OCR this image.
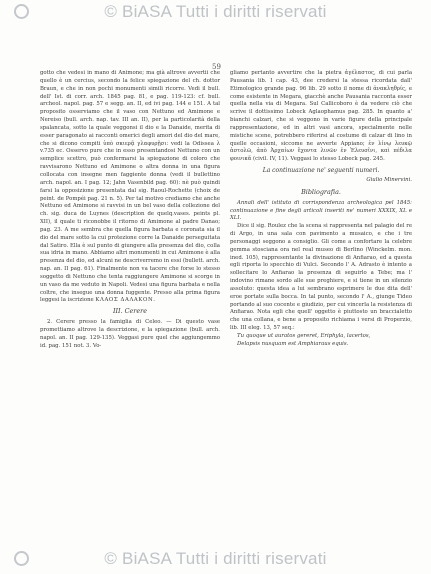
© BiASA Tutti i diritti riservati
59

gotto che vedesi in mano di Animone; ma già altrove avvertii che quello è un cercius, secondo la felice spiegazione del ch. dottor Braun, e che in non pochi monumenti simili ricorre. Vedi il bull. dell' Ist. di corr. arch. 1845 pag. 81, e pag. 119-123: cf. bull. archeol. napol. pag. 57 e segg. an. II, ed ivi pag. 144 e 151. A tal proposito osserviamo che il vaso con Nettuno ed Amimone e Nereiso (bull. arch. nap. tav. III an. II), per la particolarità della spalancata, sotto la quale veggonsi il dio e la Danaide, merita di esser paragonato ai racconti omerici degli amori del dio del mare, che si dicono compiti ὑπὸ σκιερᾷ γλαφυρῇσι: vedi la Odissea λ v.735 ec. Osservo pure che in esso presentandosi Nettuno con un semplice scettro, può confermarsi la spiegazione di coloro che ravvisarono Nettuno ed Amimone o altra donna in una figura collocata con insegne men faggiente donna (vedi il bullettino arch. napol. an. I pag. 12; Jahn Vasenbild pag. 60): nè può quindi farsi la opposizione presentata dal sig. Raoul-Rochette (choix de peint. de Pompéi pag. 21 n. 5). Per tal motivo crediamo che anche Nettuno ed Amimone si ravvisi in un bel vaso della collezione del ch. sig. duca de Luynes (description de quelq.vases. peints pl. XII), il quale ti riconobbe il ritorno di Amimone al padre Danao; pag. 23. A me sembra che quella figura barbata e coronata sia il dio del mare sotto la cui protezione corre la Danaide perseguitata dal Satiro. Ella è sul punto di giungere alla presenza del dio, colla sua idria in mano. Abbiamo altri monumenti in cui Amimone è alla presenza del dio, ed alcuni ne descriverremo in essi (bullett. arch. nap. an. II pag. 61). Finalmente non va tacere che forse lo stesso soggetto di Nettuno che tenta raggiungere Amimone si scorge in un vaso da me veduto in Napoli. Vedesi una figura barbata e nella coltre, che insegue una donna fuggente. Presso alla prima figura leggesi la iscrizione ΚΛΑΟΣ ΔΑΛΑΚΟΝ.

III. Cerere

2. Cerere presso la famiglia di Celeo. — Di questo vase promettiamo altrove la descrizione, e la spiegazione (bull. arch. napol. an. II pag. 129-135). Veggasi pure quel che aggiungemmo id. pag. 151 not. 3. Vo-

gliamo pertanto avvertire che la pietra ἀγέλαστος, di cui parla Pausania lib. I cap. 43, dee credersi la stessa ricordata dall' Etimologico grande pag. 96 lib. 29 sotto il nome di ἀνακληθρίς, e come esistente in Megara, giacchè anche Pausania racconta esser quella nella via di Megara. Sul Callicoboro è da vedere ciò che scrive il dottissimo Lobeck Aglaophamus pag. 285. In quanto a' bianchi calzari, che si veggono in varie figure della principale rappresentazione, ed in altri vasi ancora, specialmente nelle mistiche scene, potrebbero riferirsi al costume di calzar di lino in quelle occasioni, siccome ne avverte Appiano; ἐν λίνῳ λευκῷ ἀστολῶ, ἀπὸ Ἀρχαίων ἔχοντα λινῶν ἐν Ἐλευσῖνι, καὶ πέδιλα φοινικᾶ (civil. IV, 11). Veggasi lo stesso Lobeck pag. 245.

La continuazione ne' seguenti numeri.
Giulio Minervini.
Bibliografia.

Annali dell' istituto di corrispondenza archeologica pel 1845: continuazione e fine degli articoli inseriti ne' numeri XXXIX, XL e XLI.

Dice il sig. Roulez che la scena si rappresenta nel palagio del re di Argo, in una sala con pavimento a musaico, e che i tre personaggi seggono a consiglio. Gli come a confortare la celebre gemma stosciana ora nel real museo di Berlino (Winckelm. mon. ined. 105), rappresentante la divinazione di Anfiarao, ed a questa egli riporta lo specchio di Vulci. Secondo l' A. Adrasto è intento a sollecitare lo Anfiarao la presenza di seguirlo a Tebe; ma l' indovino rimane sordo alle sue preghiere, e si tiene in un silenzio assoluto: questa idea a lui sembrano esprimere le due dita dell' eroe portate sulla bocca. In tal punto, secondo l' A., giunge Tideo portando al suo cocente e giudizio, per cui vincerla la resistenza di Anfiarao. Nota egli che quell' oggetto è piuttosto un braccialetto che una collana, e bene a proposito richiama i versi di Properzio, lib. III eleg. 13, 57 seq.:

Tu quoque ut auratos gereret, Eriphyla, lacertos,

Delapsis nusquam est Amphiaraus equis.

© BiASA Tutti i diritti riservati
